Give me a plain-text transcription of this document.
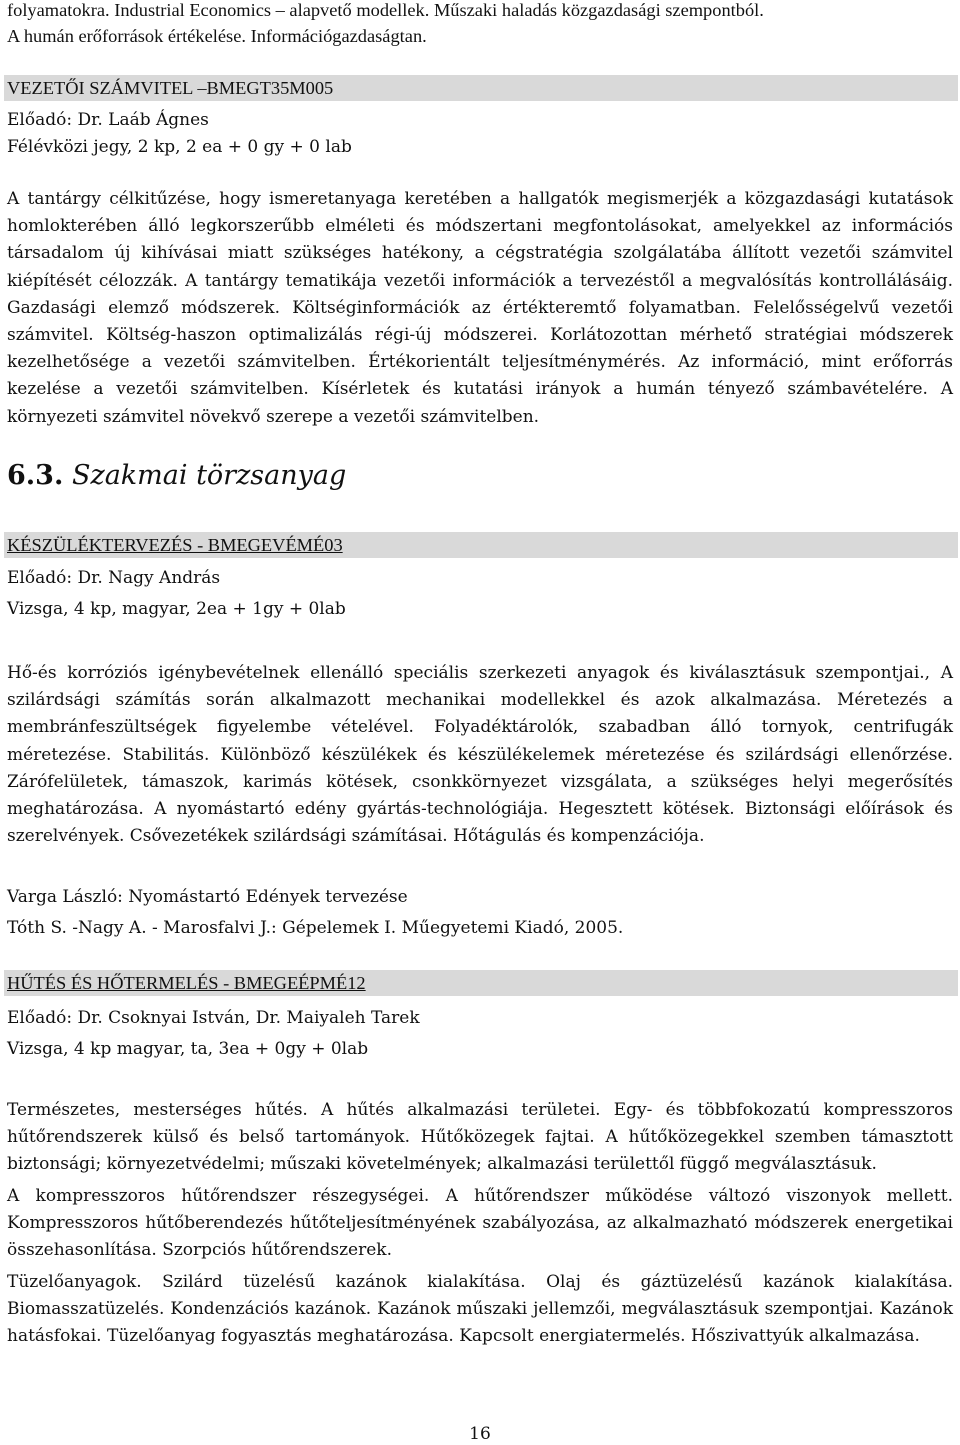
folyamatokra. Industrial Economics – alapvető modellek. Műszaki haladás közgazdasági szempontból.
A humán erőforrások értékelése. Információgazdaságtan.
VEZETŐI SZÁMVITEL –BMEGT35M005
Előadó: Dr. Laáb Ágnes
Félévközi jegy, 2 kp, 2 ea + 0 gy + 0 lab
A tantárgy célkitűzése, hogy ismeretanyaga keretében a hallgatók megismerjék a közgazdasági kutatások homlokterében álló legkorszerűbb elméleti és módszertani megfontolásokat, amelyekkel az információs társadalom új kihívásai miatt szükséges hatékony, a cégstratégia szolgálatába állított vezetői számvitel kiépítését célozzák. A tantárgy tematikája vezetői információk a tervezéstől a megvalósítás kontrollálásáig. Gazdasági elemző módszerek. Költséginformációk az értékteremtő folyamatban. Felelősségelvű vezetői számvitel. Költség-haszon optimalizálás régi-új módszerei. Korlátozottan mérhető stratégiai módszerek kezelhetősége a vezetői számvitelben. Értékorientált teljesítménymérés. Az információ, mint erőforrás kezelése a vezetői számvitelben. Kísérletek és kutatási irányok a humán tényező számbavételére. A környezeti számvitel növekvő szerepe a vezetői számvitelben.
6.3. Szakmai törzsanyag
KÉSZÜLÉKTERVEZÉS - BMEGEVÉMÉ03
Előadó: Dr. Nagy András
Vizsga, 4 kp, magyar, 2ea + 1gy + 0lab
Hő-és korróziós igénybevételnek ellenálló speciális szerkezeti anyagok és kiválasztásuk szempontjai., A szilárdsági számítás során alkalmazott mechanikai modellekkel és azok alkalmazása. Méretezés a membránfeszültségek figyelembe vételével. Folyadéktárolók, szabadban álló tornyok, centrifugák méretezése. Stabilitás. Különböző készülékek és készülékelemek méretezése és szilárdsági ellenőrzése. Zárófelületek, támaszok, karimás kötések, csonkkörnyezet vizsgálata, a szükséges helyi megerősítés meghatározása. A nyomástartó edény gyártás-technológiája. Hegesztett kötések. Biztonsági előírások és szerelvények. Csővezetékek szilárdsági számításai. Hőtágulás és kompenzációja.
Varga László: Nyomástartó Edények tervezése
Tóth S. -Nagy A. - Marosfalvi J.: Gépelemek I. Műegyetemi Kiadó, 2005.
HŰTÉS ÉS HŐTERMELÉS - BMEGEÉPMÉ12
Előadó: Dr. Csoknyai István, Dr. Maiyaleh Tarek
Vizsga, 4 kp magyar, ta, 3ea + 0gy + 0lab
Természetes, mesterséges hűtés. A hűtés alkalmazási területei. Egy- és többfokozatú kompresszoros hűtőrendszerek külső és belső tartományok. Hűtőközegek fajtai. A hűtőközegekkel szemben támasztott biztonsági; környezetvédelmi; műszaki követelmények; alkalmazási területtől függő megválasztásuk.
A kompresszoros hűtőrendszer részegységei. A hűtőrendszer működése változó viszonyok mellett. Kompresszoros hűtőberendezés hűtőteljesítményének szabályozása, az alkalmazható módszerek energetikai összehasonlítása. Szorpciós hűtőrendszerek.
Tüzelőanyagok. Szilárd tüzelésű kazánok kialakítása. Olaj és gáztüzelésű kazánok kialakítása. Biomasszatüzelés. Kondenzációs kazánok. Kazánok műszaki jellemzői, megválasztásuk szempontjai. Kazánok hatásfokai. Tüzelőanyag fogyasztás meghatározása. Kapcsolt energiatermelés. Hőszivattyúk alkalmazása.
16
